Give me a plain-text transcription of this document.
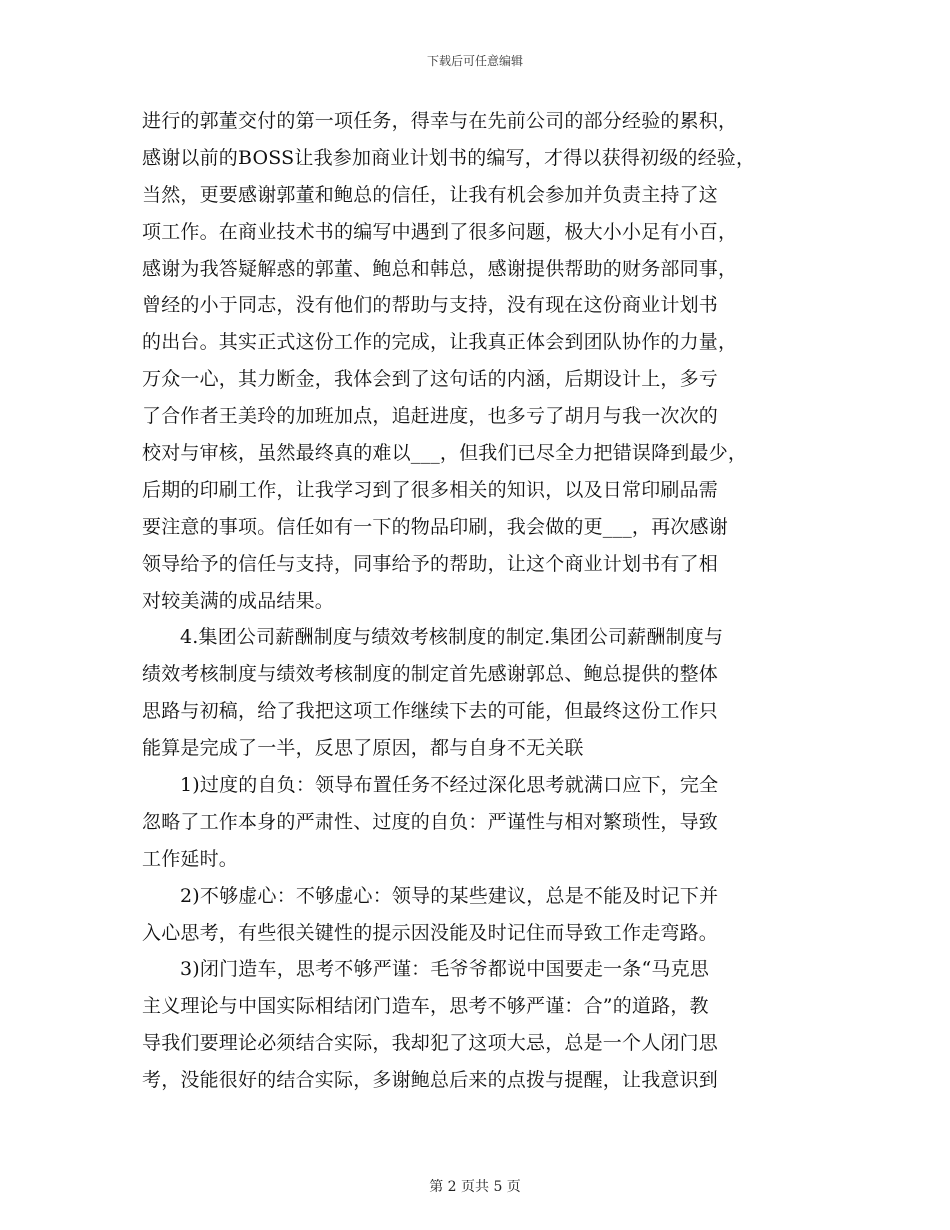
下载后可任意编辑
进行的郭董交付的第一项任务，得幸与在先前公司的部分经验的累积，
感谢以前的BOSS让我参加商业计划书的编写，才得以获得初级的经验，
当然，更要感谢郭董和鲍总的信任，让我有机会参加并负责主持了这
项工作。在商业技术书的编写中遇到了很多问题，极大小小足有小百，
感谢为我答疑解惑的郭董、鲍总和韩总，感谢提供帮助的财务部同事，
曾经的小于同志，没有他们的帮助与支持，没有现在这份商业计划书
的出台。其实正式这份工作的完成，让我真正体会到团队协作的力量，
万众一心，其力断金，我体会到了这句话的内涵，后期设计上，多亏
了合作者王美玲的加班加点，追赶进度，也多亏了胡月与我一次次的
校对与审核，虽然最终真的难以___，但我们已尽全力把错误降到最少，
后期的印刷工作，让我学习到了很多相关的知识，以及日常印刷品需
要注意的事项。信任如有一下的物品印刷，我会做的更___，再次感谢
领导给予的信任与支持，同事给予的帮助，让这个商业计划书有了相
对较美满的成品结果。
4.集团公司薪酬制度与绩效考核制度的制定.集团公司薪酬制度与
绩效考核制度与绩效考核制度的制定首先感谢郭总、鲍总提供的整体
思路与初稿，给了我把这项工作继续下去的可能，但最终这份工作只
能算是完成了一半，反思了原因，都与自身不无关联
1)过度的自负：领导布置任务不经过深化思考就满口应下，完全
忽略了工作本身的严肃性、过度的自负：严谨性与相对繁琐性，导致
工作延时。
2)不够虚心：不够虚心：领导的某些建议，总是不能及时记下并
入心思考，有些很关键性的提示因没能及时记住而导致工作走弯路。
3)闭门造车，思考不够严谨：毛爷爷都说中国要走一条“马克思
主义理论与中国实际相结闭门造车，思考不够严谨：合”的道路，教
导我们要理论必须结合实际，我却犯了这项大忌，总是一个人闭门思
考，没能很好的结合实际，多谢鲍总后来的点拨与提醒，让我意识到
第 2 页共 5 页
